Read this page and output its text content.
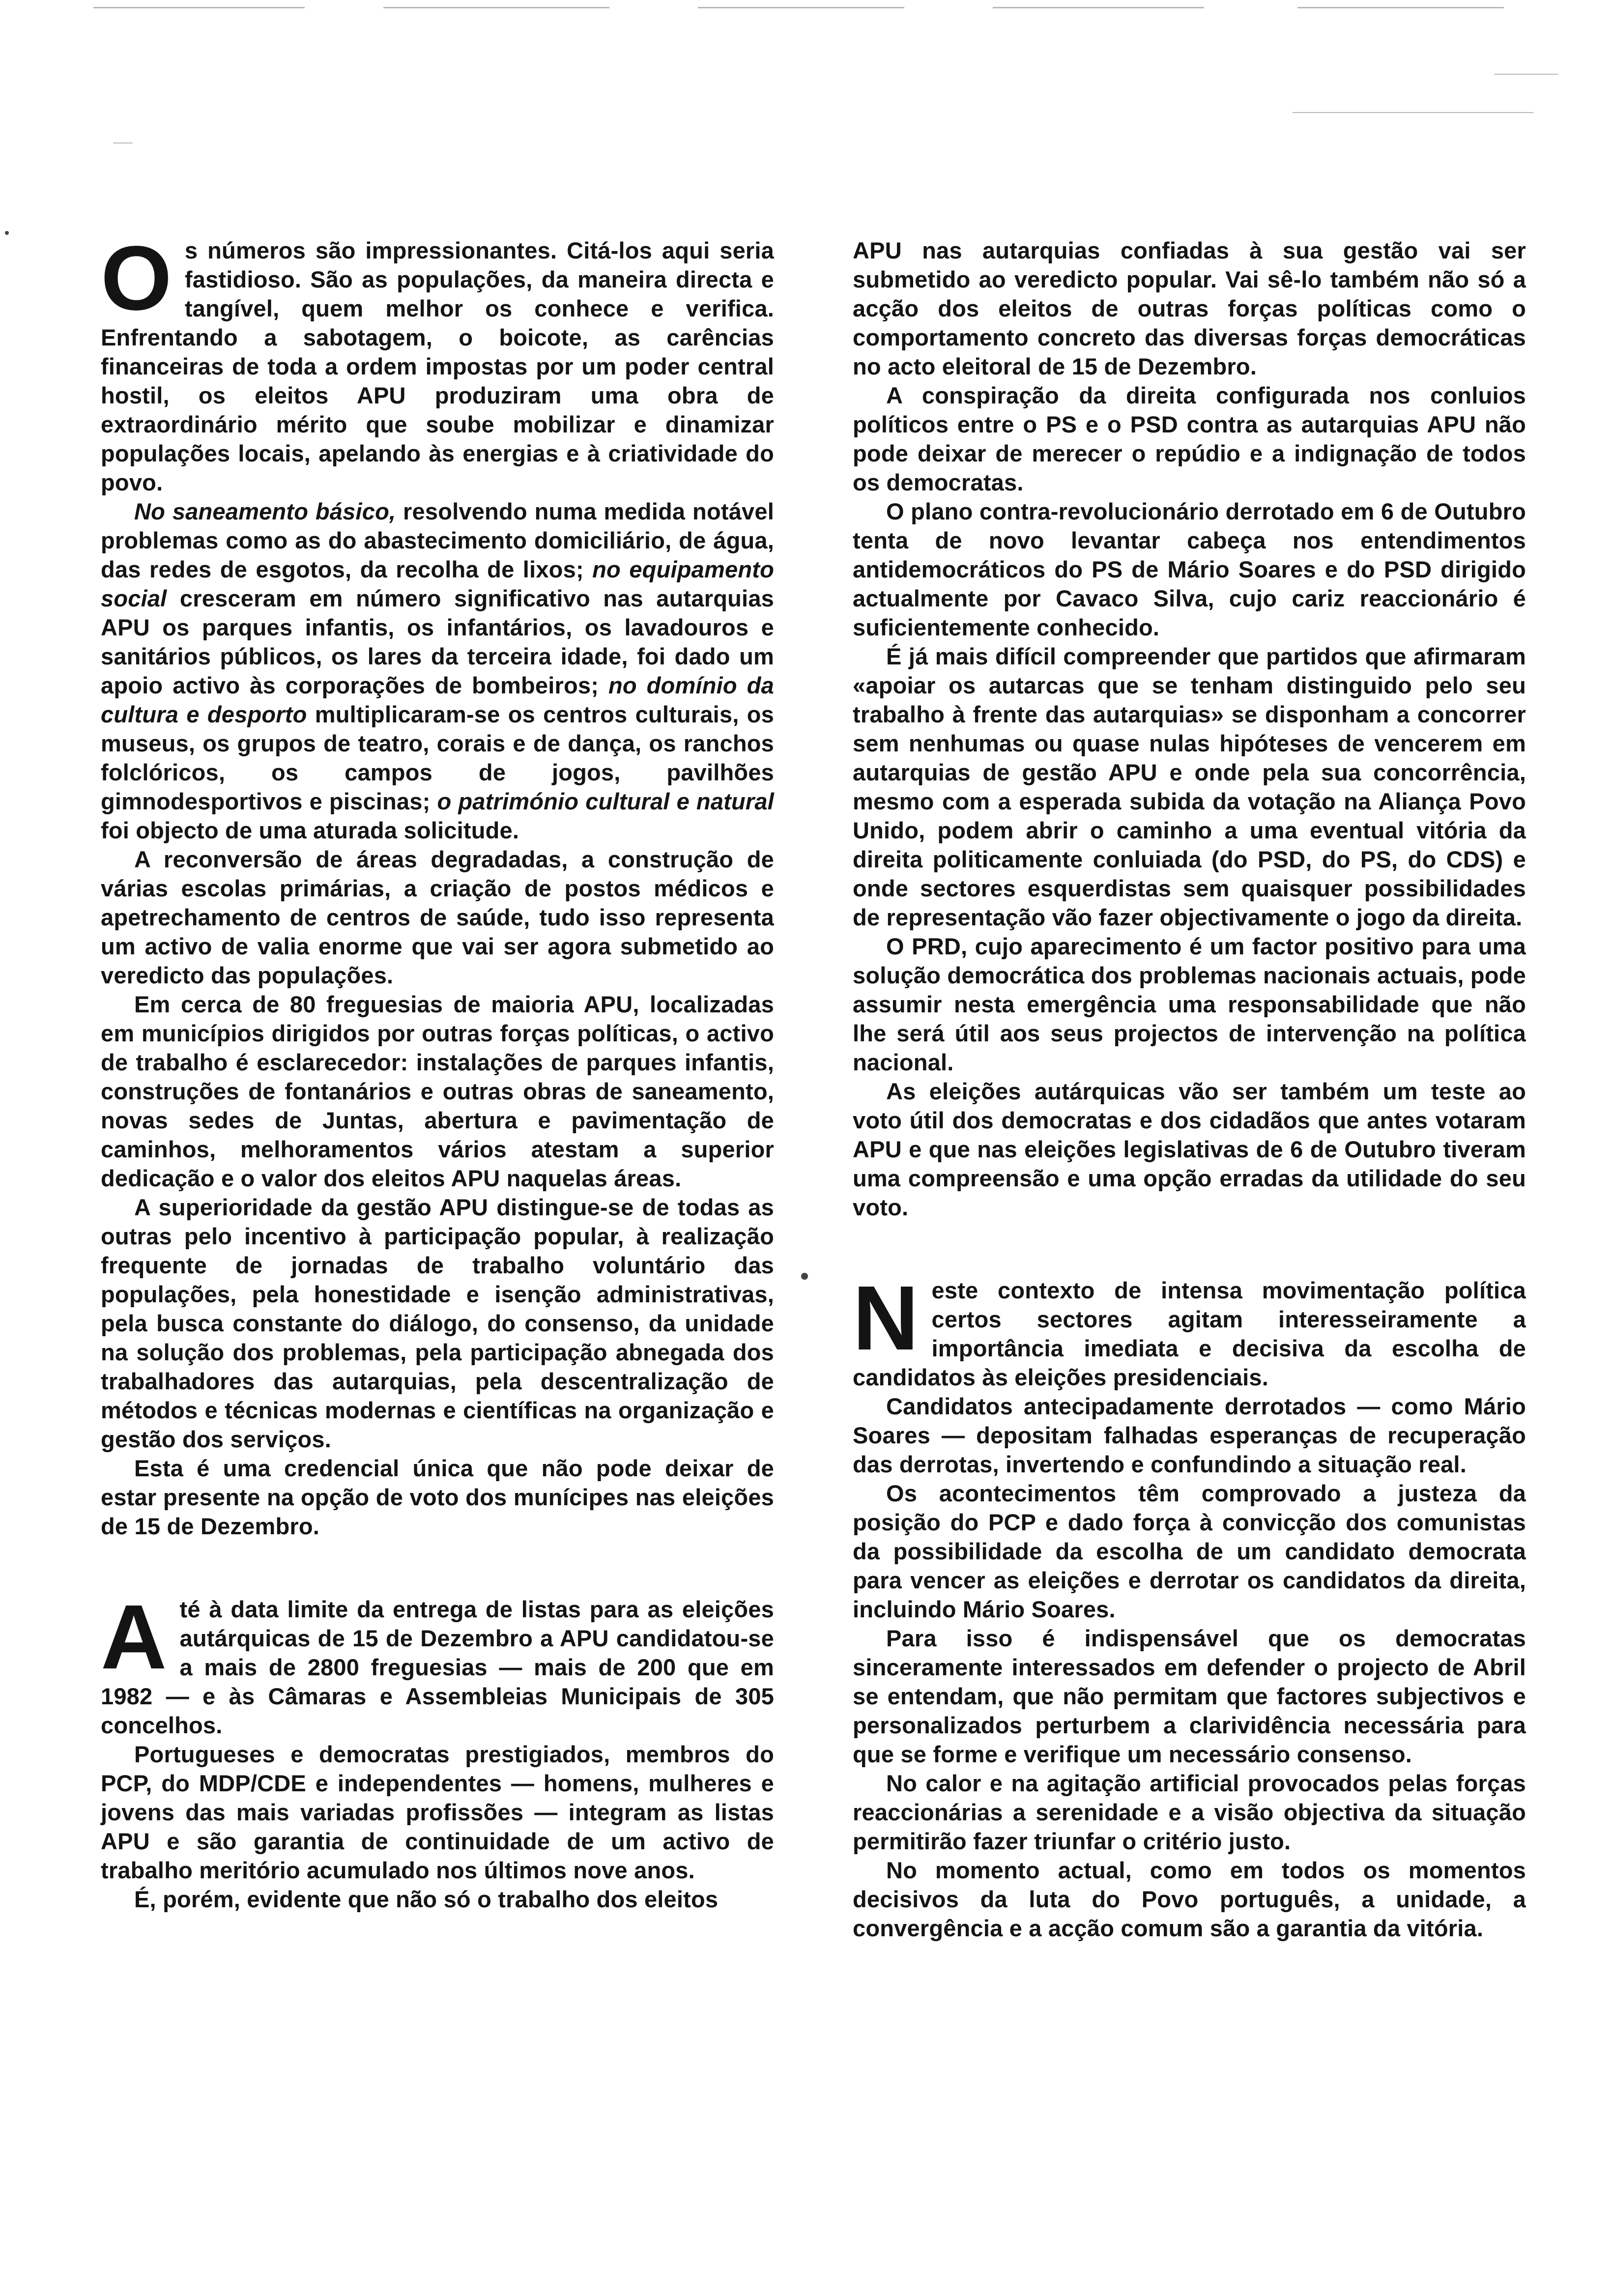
Os números são impressionantes. Citá-los aqui seria fastidioso. São as populações, da maneira directa e tangível, quem melhor os conhece e verifica. Enfrentando a sabotagem, o boicote, as carências financeiras de toda a ordem impostas por um poder central hostil, os eleitos APU produziram uma obra de extraordinário mérito que soube mobilizar e dinamizar populações locais, apelando às energias e à criatividade do povo.

No saneamento básico, resolvendo numa medida notável problemas como as do abastecimento domiciliário, de água, das redes de esgotos, da recolha de lixos; no equipamento social cresceram em número significativo nas autarquias APU os parques infantis, os infantários, os lavadouros e sanitários públicos, os lares da terceira idade, foi dado um apoio activo às corporações de bombeiros; no domínio da cultura e desporto multiplicaram-se os centros culturais, os museus, os grupos de teatro, corais e de dança, os ranchos folclóricos, os campos de jogos, pavilhões gimnodesportivos e piscinas; o património cultural e natural foi objecto de uma aturada solicitude.

A reconversão de áreas degradadas, a construção de várias escolas primárias, a criação de postos médicos e apetrechamento de centros de saúde, tudo isso representa um activo de valia enorme que vai ser agora submetido ao veredicto das populações.

Em cerca de 80 freguesias de maioria APU, localizadas em municípios dirigidos por outras forças políticas, o activo de trabalho é esclarecedor: instalações de parques infantis, construções de fontanários e outras obras de saneamento, novas sedes de Juntas, abertura e pavimentação de caminhos, melhoramentos vários atestam a superior dedicação e o valor dos eleitos APU naquelas áreas.

A superioridade da gestão APU distingue-se de todas as outras pelo incentivo à participação popular, à realização frequente de jornadas de trabalho voluntário das populações, pela honestidade e isenção administrativas, pela busca constante do diálogo, do consenso, da unidade na solução dos problemas, pela participação abnegada dos trabalhadores das autarquias, pela descentralização de métodos e técnicas modernas e científicas na organização e gestão dos serviços.

Esta é uma credencial única que não pode deixar de estar presente na opção de voto dos munícipes nas eleições de 15 de Dezembro.

Até à data limite da entrega de listas para as eleições autárquicas de 15 de Dezembro a APU candidatou-se a mais de 2800 freguesias — mais de 200 que em 1982 — e às Câmaras e Assembleias Municipais de 305 concelhos.

Portugueses e democratas prestigiados, membros do PCP, do MDP/CDE e independentes — homens, mulheres e jovens das mais variadas profissões — integram as listas APU e são garantia de continuidade de um activo de trabalho meritório acumulado nos últimos nove anos.

É, porém, evidente que não só o trabalho dos eleitos

APU nas autarquias confiadas à sua gestão vai ser submetido ao veredicto popular. Vai sê-lo também não só a acção dos eleitos de outras forças políticas como o comportamento concreto das diversas forças democráticas no acto eleitoral de 15 de Dezembro.

A conspiração da direita configurada nos conluios políticos entre o PS e o PSD contra as autarquias APU não pode deixar de merecer o repúdio e a indignação de todos os democratas.

O plano contra-revolucionário derrotado em 6 de Outubro tenta de novo levantar cabeça nos entendimentos antidemocráticos do PS de Mário Soares e do PSD dirigido actualmente por Cavaco Silva, cujo cariz reaccionário é suficientemente conhecido.

É já mais difícil compreender que partidos que afirmaram «apoiar os autarcas que se tenham distinguido pelo seu trabalho à frente das autarquias» se disponham a concorrer sem nenhumas ou quase nulas hipóteses de vencerem em autarquias de gestão APU e onde pela sua concorrência, mesmo com a esperada subida da votação na Aliança Povo Unido, podem abrir o caminho a uma eventual vitória da direita politicamente conluiada (do PSD, do PS, do CDS) e onde sectores esquerdistas sem quaisquer possibilidades de representação vão fazer objectivamente o jogo da direita.

O PRD, cujo aparecimento é um factor positivo para uma solução democrática dos problemas nacionais actuais, pode assumir nesta emergência uma responsabilidade que não lhe será útil aos seus projectos de intervenção na política nacional.

As eleições autárquicas vão ser também um teste ao voto útil dos democratas e dos cidadãos que antes votaram APU e que nas eleições legislativas de 6 de Outubro tiveram uma compreensão e uma opção erradas da utilidade do seu voto.

Neste contexto de intensa movimentação política certos sectores agitam interesseiramente a importância imediata e decisiva da escolha de candidatos às eleições presidenciais.

Candidatos antecipadamente derrotados — como Mário Soares — depositam falhadas esperanças de recuperação das derrotas, invertendo e confundindo a situação real.

Os acontecimentos têm comprovado a justeza da posição do PCP e dado força à convicção dos comunistas da possibilidade da escolha de um candidato democrata para vencer as eleições e derrotar os candidatos da direita, incluindo Mário Soares.

Para isso é indispensável que os democratas sinceramente interessados em defender o projecto de Abril se entendam, que não permitam que factores subjectivos e personalizados perturbem a clarividência necessária para que se forme e verifique um necessário consenso.

No calor e na agitação artificial provocados pelas forças reaccionárias a serenidade e a visão objectiva da situação permitirão fazer triunfar o critério justo.

No momento actual, como em todos os momentos decisivos da luta do Povo português, a unidade, a convergência e a acção comum são a garantia da vitória.
